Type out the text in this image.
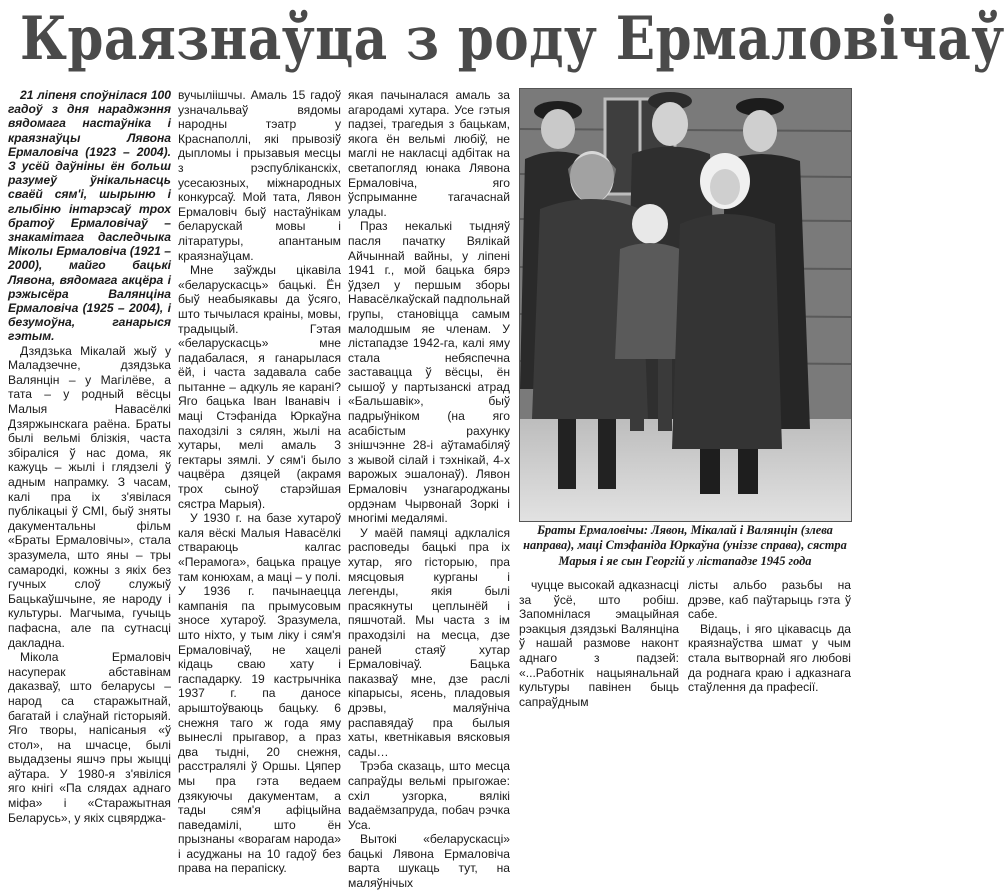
Краязнаўца з роду Ермаловічаў

21 ліпеня споўнілася 100 гадоў з дня нараджэння вядомага настаўніка і краязнаўцы Лявона Ермаловіча (1923 – 2004). З усёй даўніны ён больш разумеў ўнікальнасць сваёй сям'і, шырыню і глыбіню інтарэсаў трох братоў Ермаловічаў – знакамітага даследчыка Міколы Ермаловіча (1921 – 2000), майго бацькі Лявона, вядомага акцёра і рэжысёра Валянціна Ермаловіча (1925 – 2004), і безумоўна, ганарыся гэтым.

Дзядзька Мікалай жыў у Маладзечне, дзядзька Валянцін – у Магілёве, а тата – у родный вёсцы Малыя Навасёлкі Дзяржынскага раёна. Браты былі вельмі блізкія, часта збіраліся ў нас дома, як кажуць – жылі і глядзелі ў адным напрамку. З часам, калі пра іх з'явілася публікацыі ў СМІ, быў зняты дакументальны фільм «Браты Ермаловічы», стала зразумела, што яны – тры самародкі, кожны з якіх без гучных слоў служыў Бацькаўшчыне, яе народу і культуры. Магчыма, гучыць пафасна, але па сутнасці дакладна.

Мікола Ермаловіч насуперак абставінам даказваў, што беларусы – народ са старажытнай, багатай і слаўнай гісторыяй. Яго творы, напісаныя «ў стол», на шчасце, былі выдадзены яшчэ пры жыцці аўтара. У 1980-я з'явіліся яго кнігі «Па слядах аднаго міфа» і «Старажытная Беларусь», у якіх сцвярджа-

вучыліішчы. Амаль 15 гадоў узначальваў вядомы народны тэатр у Краснаполлі, які прывозіў дыпломы і прызавыя месцы з рэспубліканскіх, усесаюзных, міжнародных конкурсаў. Мой тата, Лявон Ермаловіч быў настаўнікам беларускай мовы і літаратуры, апантаным краязнаўцам.

Мне заўжды цікавіла «беларускасць» бацькі. Ён быў неабыякавы да ўсяго, што тычылася краіны, мовы, традыцый. Гэтая «беларускасць» мне падабалася, я ганарылася ёй, і часта задавала сабе пытанне – адкуль яе карані? Яго бацька Іван Іванавіч і маці Стэфаніда Юркаўна паходзілі з сялян, жылі на хутары, мелі амаль 3 гектары зямлі. У сям'і было чацвёра дзяцей (акрамя трох сыноў старэйшая сястра Марыя).

У 1930 г. на базе хутароў каля вёскі Малыя Навасёлкі ствараюць калгас «Перамога», бацька працуе там конюхам, а маці – у полі. У 1936 г. пачынаецца кампанія па прымусовым зносе хутароў. Зразумела, што ніхто, у тым ліку і сям'я Ермаловічаў, не хацелі кідаць сваю хату і гаспадарку. 19 кастрычніка 1937 г. па даносе арыштоўваюць бацьку. 6 снежня таго ж года яму вынеслі прыгавор, а праз два тыдні, 20 снежня, расстралялі ў Оршы. Цяпер мы пра гэта ведаем дзякуючы дакументам, а тады сям'я афіцыйна паведамілі, што ён прызнаны «ворагам народа» і асуджаны на 10 гадоў без права на перапіску.

якая пачыналася амаль за агародамі хутара. Усе гэтыя падзеі, трагедыя з бацькам, якога ён вельмі любіў, не маглі не накласці адбітак на светапогляд юнака Лявона Ермаловіча, яго ўспрыманне тагачаснай улады.

Праз некалькі тыдняў пасля пачатку Вялікай Айчыннай вайны, у ліпені 1941 г., мой бацька бярэ ўдзел у першым зборы Навасёлкаўскай падпольнай групы, становіцца самым малодшым яе членам. У лістападзе 1942-га, калі яму стала небяспечна заставацца ў вёсцы, ён сышоў у партызанскі атрад «Бальшавік», быў падрыўніком (на яго асабістым рахунку знішчэнне 28-і аўтамабіляў з жывой сілай і тэхнікай, 4-х варожых эшалонаў). Лявон Ермаловіч узнагароджаны ордэнам Чырвонай Зоркі і многімі медалямі.

У маёй памяці адклаліся расповеды бацькі пра іх хутар, яго гісторыю, пра мясцовыя курганы і легенды, якія былі прасякнуты цеплынёй і пяшчотай. Мы часта з ім праходзілі на месца, дзе раней стаяў хутар Ермаловічаў. Бацька паказваў мне, дзе раслі кіпарысы, ясень, пладовыя дрэвы, маляўніча распавядаў пра былыя хаты, кветнікавыя вясковыя сады…

Трэба сказаць, што месца сапраўды вельмі прыгожае: схіл узгорка, вялікі вадаёмзапруда, побач рэчка Уса.

Вытокі «беларускасці» бацькі Лявона Ермаловіча варта шукаць тут, на маляўнічых

Браты Ермаловічы: Лявон, Мікалай і Валянцін (злева направа), маці Стэфаніда Юркаўна (уніззе справа), сястра Марыя і яе сын Георгій у лістападзе 1945 года

чуцце высокай адказнасці за ўсё, што робіш. Запомнілася эмацыйная рэакцыя дзядзькі Валянціна ў нашай размове наконт аднаго з падзей: «...Работнік нацыянальнай культуры павінен быць сапраўдным

лісты альбо разьбы на дрэве, каб паўтарыць гэта ў сабе.

Відаць, і яго цікавасць да краязнаўства шмат у чым стала вытворнай яго любові да роднага краю і адказнага стаўлення да прафесії.
